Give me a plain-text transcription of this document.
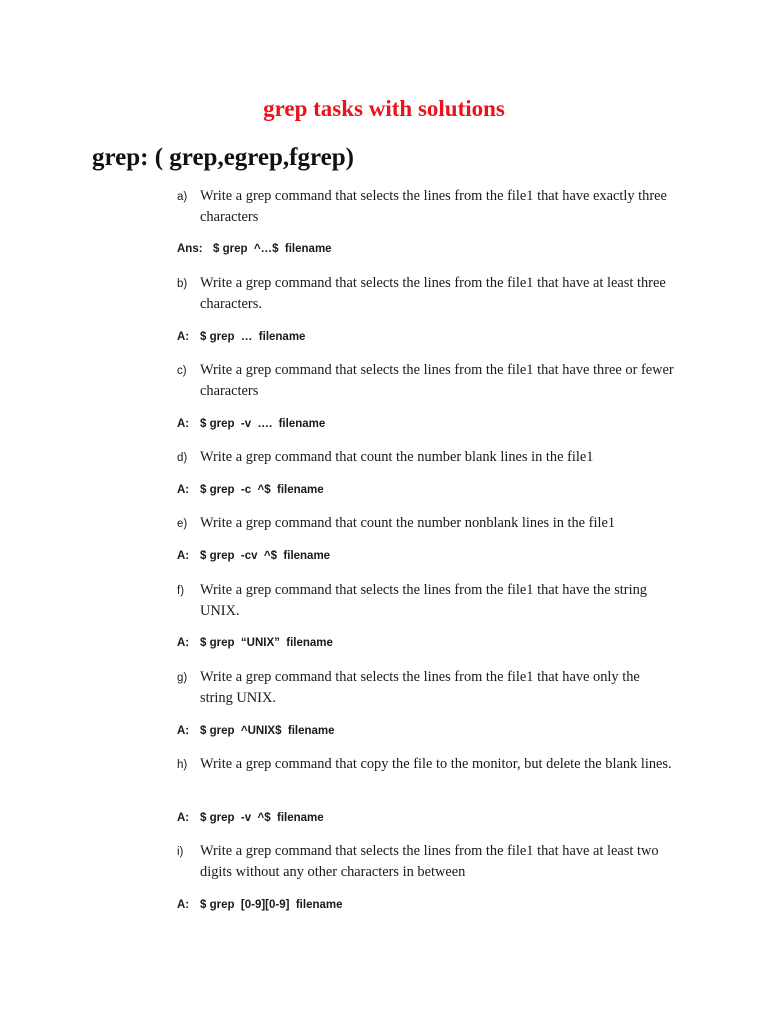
grep tasks with solutions
grep: ( grep,egrep,fgrep)
a) Write a grep command that selects the lines from the file1 that have exactly three characters
Ans: $ grep  ^…$  filename
b) Write a grep command that selects the lines from the file1 that have at least three characters.
A: $ grep  …  filename
c) Write a grep command that selects the lines from the file1 that have three or fewer characters
A: $ grep  -v  ….  filename
d) Write a grep command that count the number blank lines in the file1
A: $ grep  -c  ^$  filename
e) Write a grep command that count the number nonblank lines in the file1
A: $ grep  -cv  ^$  filename
f) Write a grep command that selects the lines from the file1 that have the string UNIX.
A: $ grep  “UNIX”  filename
g) Write a grep command that selects the lines from the file1 that have only the string UNIX.
A: $ grep  ^UNIX$  filename
h) Write a grep command that copy the file to the monitor, but delete the blank lines.
A: $ grep  -v  ^$  filename
i) Write a grep command that selects the lines from the file1 that have at least two digits without any other characters in between
A: $ grep  [0-9][0-9]  filename
